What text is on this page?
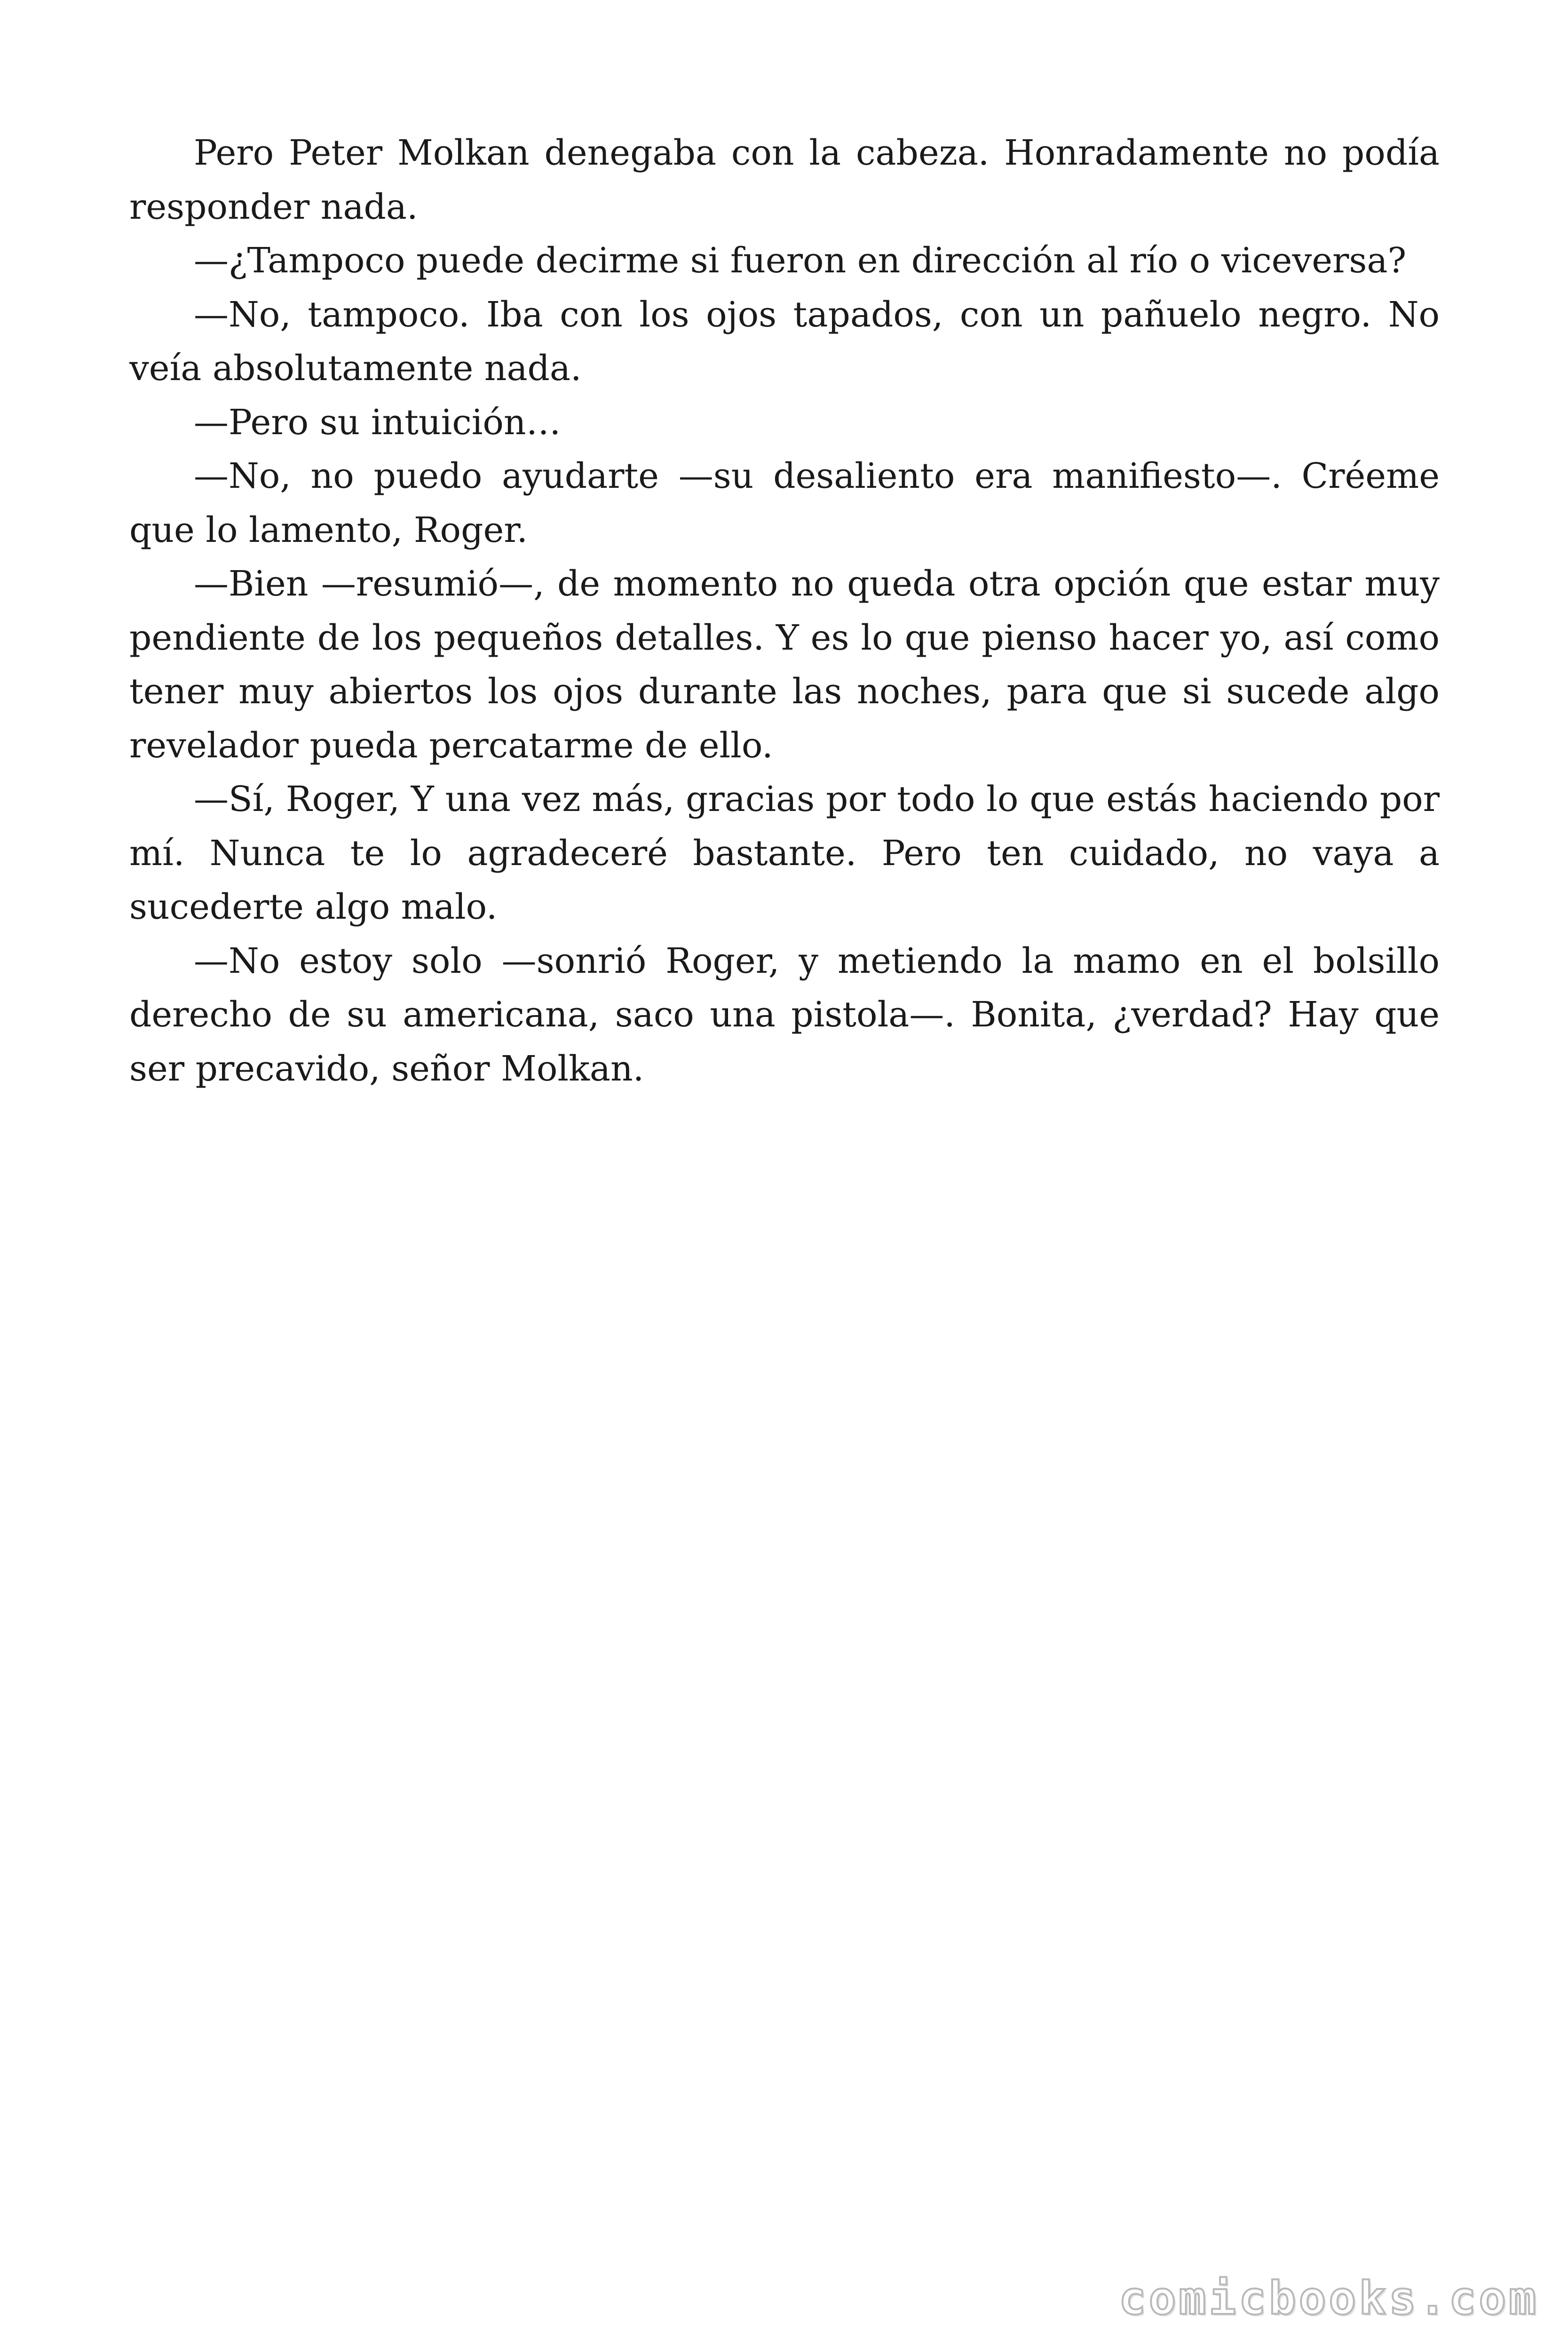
Pero Peter Molkan denegaba con la cabeza. Honradamente no podía responder nada.

—¿Tampoco puede decirme si fueron en dirección al río o viceversa?

—No, tampoco. Iba con los ojos tapados, con un pañuelo negro. No veía absolutamente nada.

—Pero su intuición…

—No, no puedo ayudarte —su desaliento era manifiesto—. Créeme que lo lamento, Roger.

—Bien —resumió—, de momento no queda otra opción que estar muy pendiente de los pequeños detalles. Y es lo que pienso hacer yo, así como tener muy abiertos los ojos durante las noches, para que si sucede algo revelador pueda percatarme de ello.

—Sí, Roger, Y una vez más, gracias por todo lo que estás haciendo por mí. Nunca te lo agradeceré bastante. Pero ten cuidado, no vaya a sucederte algo malo.

—No estoy solo —sonrió Roger, y metiendo la mamo en el bolsillo derecho de su americana, saco una pistola—. Bonita, ¿verdad? Hay que ser precavido, señor Molkan.

comicbooks.com
